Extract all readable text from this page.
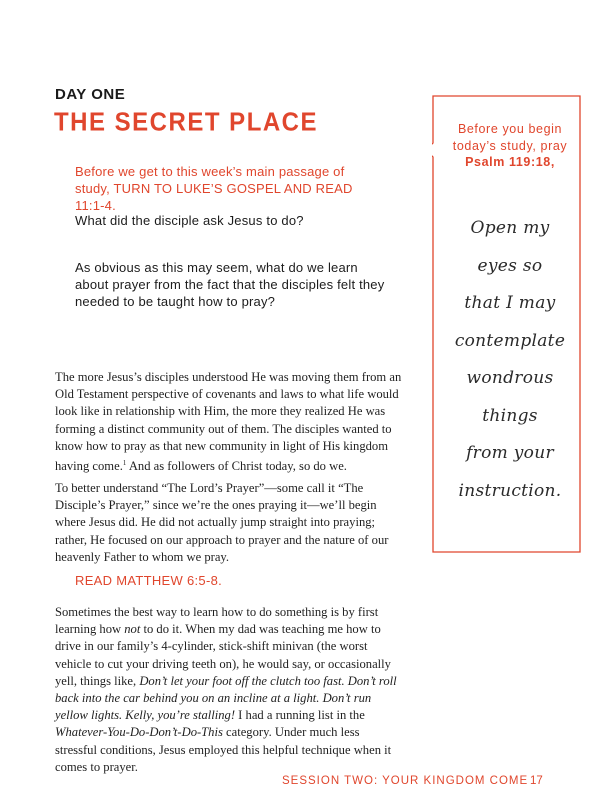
DAY ONE
THE SECRET PLACE
Before we get to this week’s main passage of study, TURN TO LUKE’S GOSPEL AND READ 11:1-4.
What did the disciple ask Jesus to do?
As obvious as this may seem, what do we learn about prayer from the fact that the disciples felt they needed to be taught how to pray?
The more Jesus’s disciples understood He was moving them from an Old Testament perspective of covenants and laws to what life would look like in relationship with Him, the more they realized He was forming a distinct community out of them. The disciples wanted to know how to pray as that new community in light of His kingdom having come.$^1$ And as followers of Christ today, so do we.
To better understand “The Lord’s Prayer”—some call it “The Disciple’s Prayer,” since we’re the ones praying it—we’ll begin where Jesus did. He did not actually jump straight into praying; rather, He focused on our approach to prayer and the nature of our heavenly Father to whom we pray.
READ MATTHEW 6:5-8.
Sometimes the best way to learn how to do something is by first learning how not to do it. When my dad was teaching me how to drive in our family’s 4-cylinder, stick-shift minivan (the worst vehicle to cut your driving teeth on), he would say, or occasionally yell, things like, Don’t let your foot off the clutch too fast. Don’t roll back into the car behind you on an incline at a light. Don’t run yellow lights. Kelly, you’re stalling! I had a running list in the Whatever-You-Do-Don’t-Do-This category. Under much less stressful conditions, Jesus employed this helpful technique when it comes to prayer.
Before you begin today’s study, pray
Psalm 119:18,
Open my
eyes so
that I may
contemplate
wondrous
things
from your
instruction.
SESSION TWO: YOUR KINGDOM COME 17
